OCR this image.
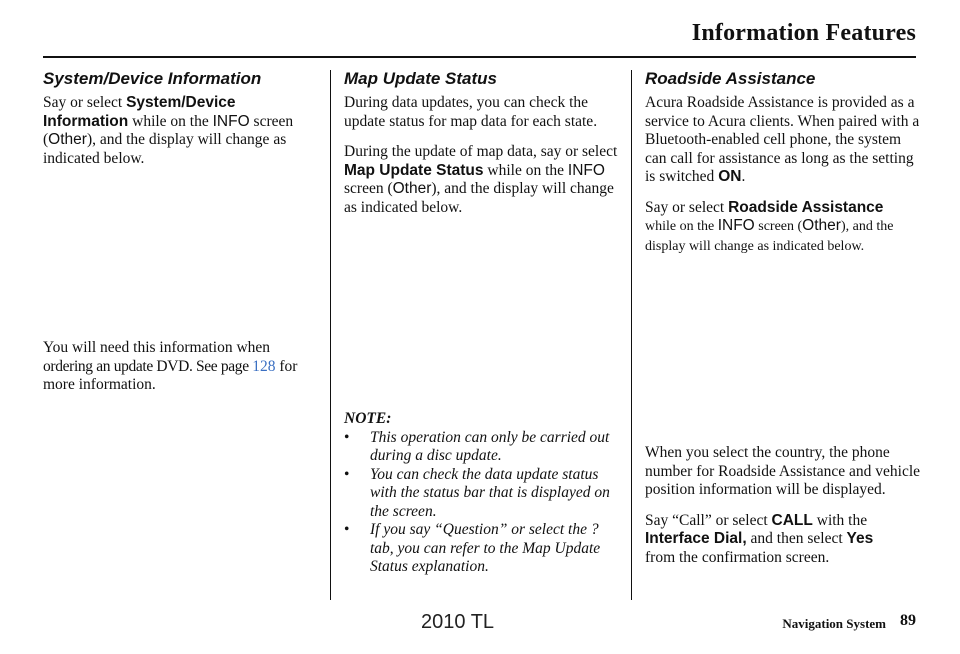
Information Features
System/Device Information

Say or select System/Device Information while on the INFO screen (Other), and the display will change as indicated below.

You will need this information when ordering an update DVD. See page 128 for more information.

Map Update Status

During data updates, you can check the update status for map data for each state.

During the update of map data, say or select Map Update Status while on the INFO screen (Other), and the display will change as indicated below.

NOTE:

• This operation can only be carried out during a disc update.
• You can check the data update status with the status bar that is displayed on the screen.
• If you say “Question” or select the ? tab, you can refer to the Map Update Status explanation.
Roadside Assistance

Acura Roadside Assistance is provided as a service to Acura clients. When paired with a Bluetooth-enabled cell phone, the system can call for assistance as long as the setting is switched ON.

Say or select Roadside Assistance
while on the INFO screen (Other), and the display will change as indicated below.

When you select the country, the phone number for Roadside Assistance and vehicle position information will be displayed.

Say “Call” or select CALL with the
Interface Dial, and then select Yes
from the confirmation screen.

Navigation System 89
2010 TL
